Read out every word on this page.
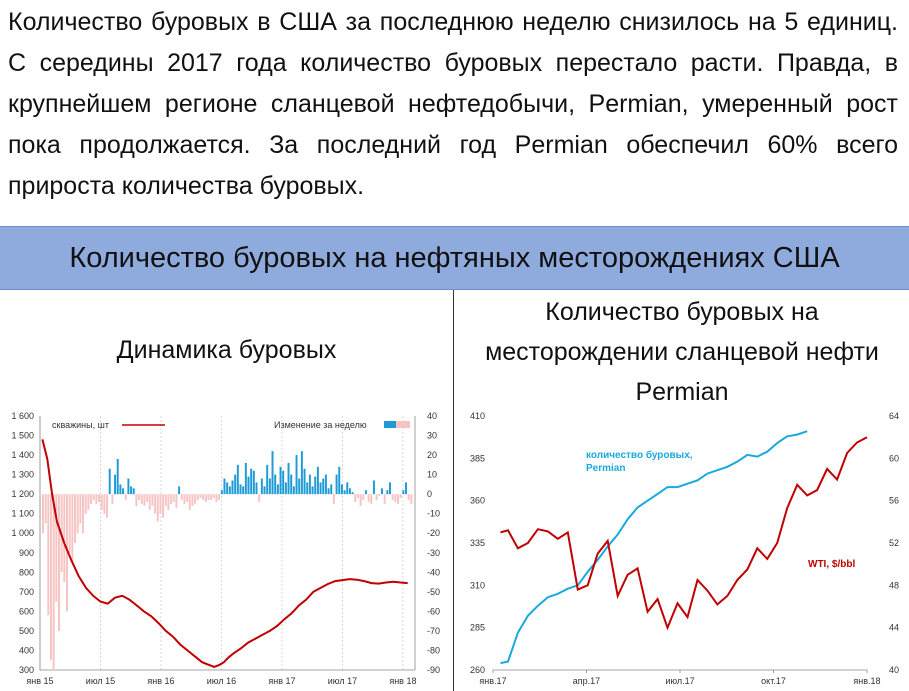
Количество буровых в США за последнюю неделю снизилось на 5 единиц. С середины 2017 года количество буровых перестало расти. Правда, в крупнейшем регионе сланцевой нефтедобычи, Permian, умеренный рост пока продолжается. За последний год Permian обеспечил 60% всего прироста количества буровых.
Количество буровых на нефтяных месторождениях США
Динамика буровых
Количество буровых на месторождении сланцевой нефти Permian
1 600
1 500
1 400
1 300
1 200
1 100
1 000
900
800
700
600
500
400
300
40
30
20
10
0
-10
-20
-30
-40
-50
-60
-70
-80
-90
янв 15	июл 15	янв 16	июл 16	янв 17	июл 17	янв 18
скважины, шт	Изменение за неделю
410
385
360
335
310
285
260
64
60
56
52
48
44
40
янв.17	апр.17	июл.17	окт.17	янв.18
количество буровых, Permian
WTI, $/bbl
